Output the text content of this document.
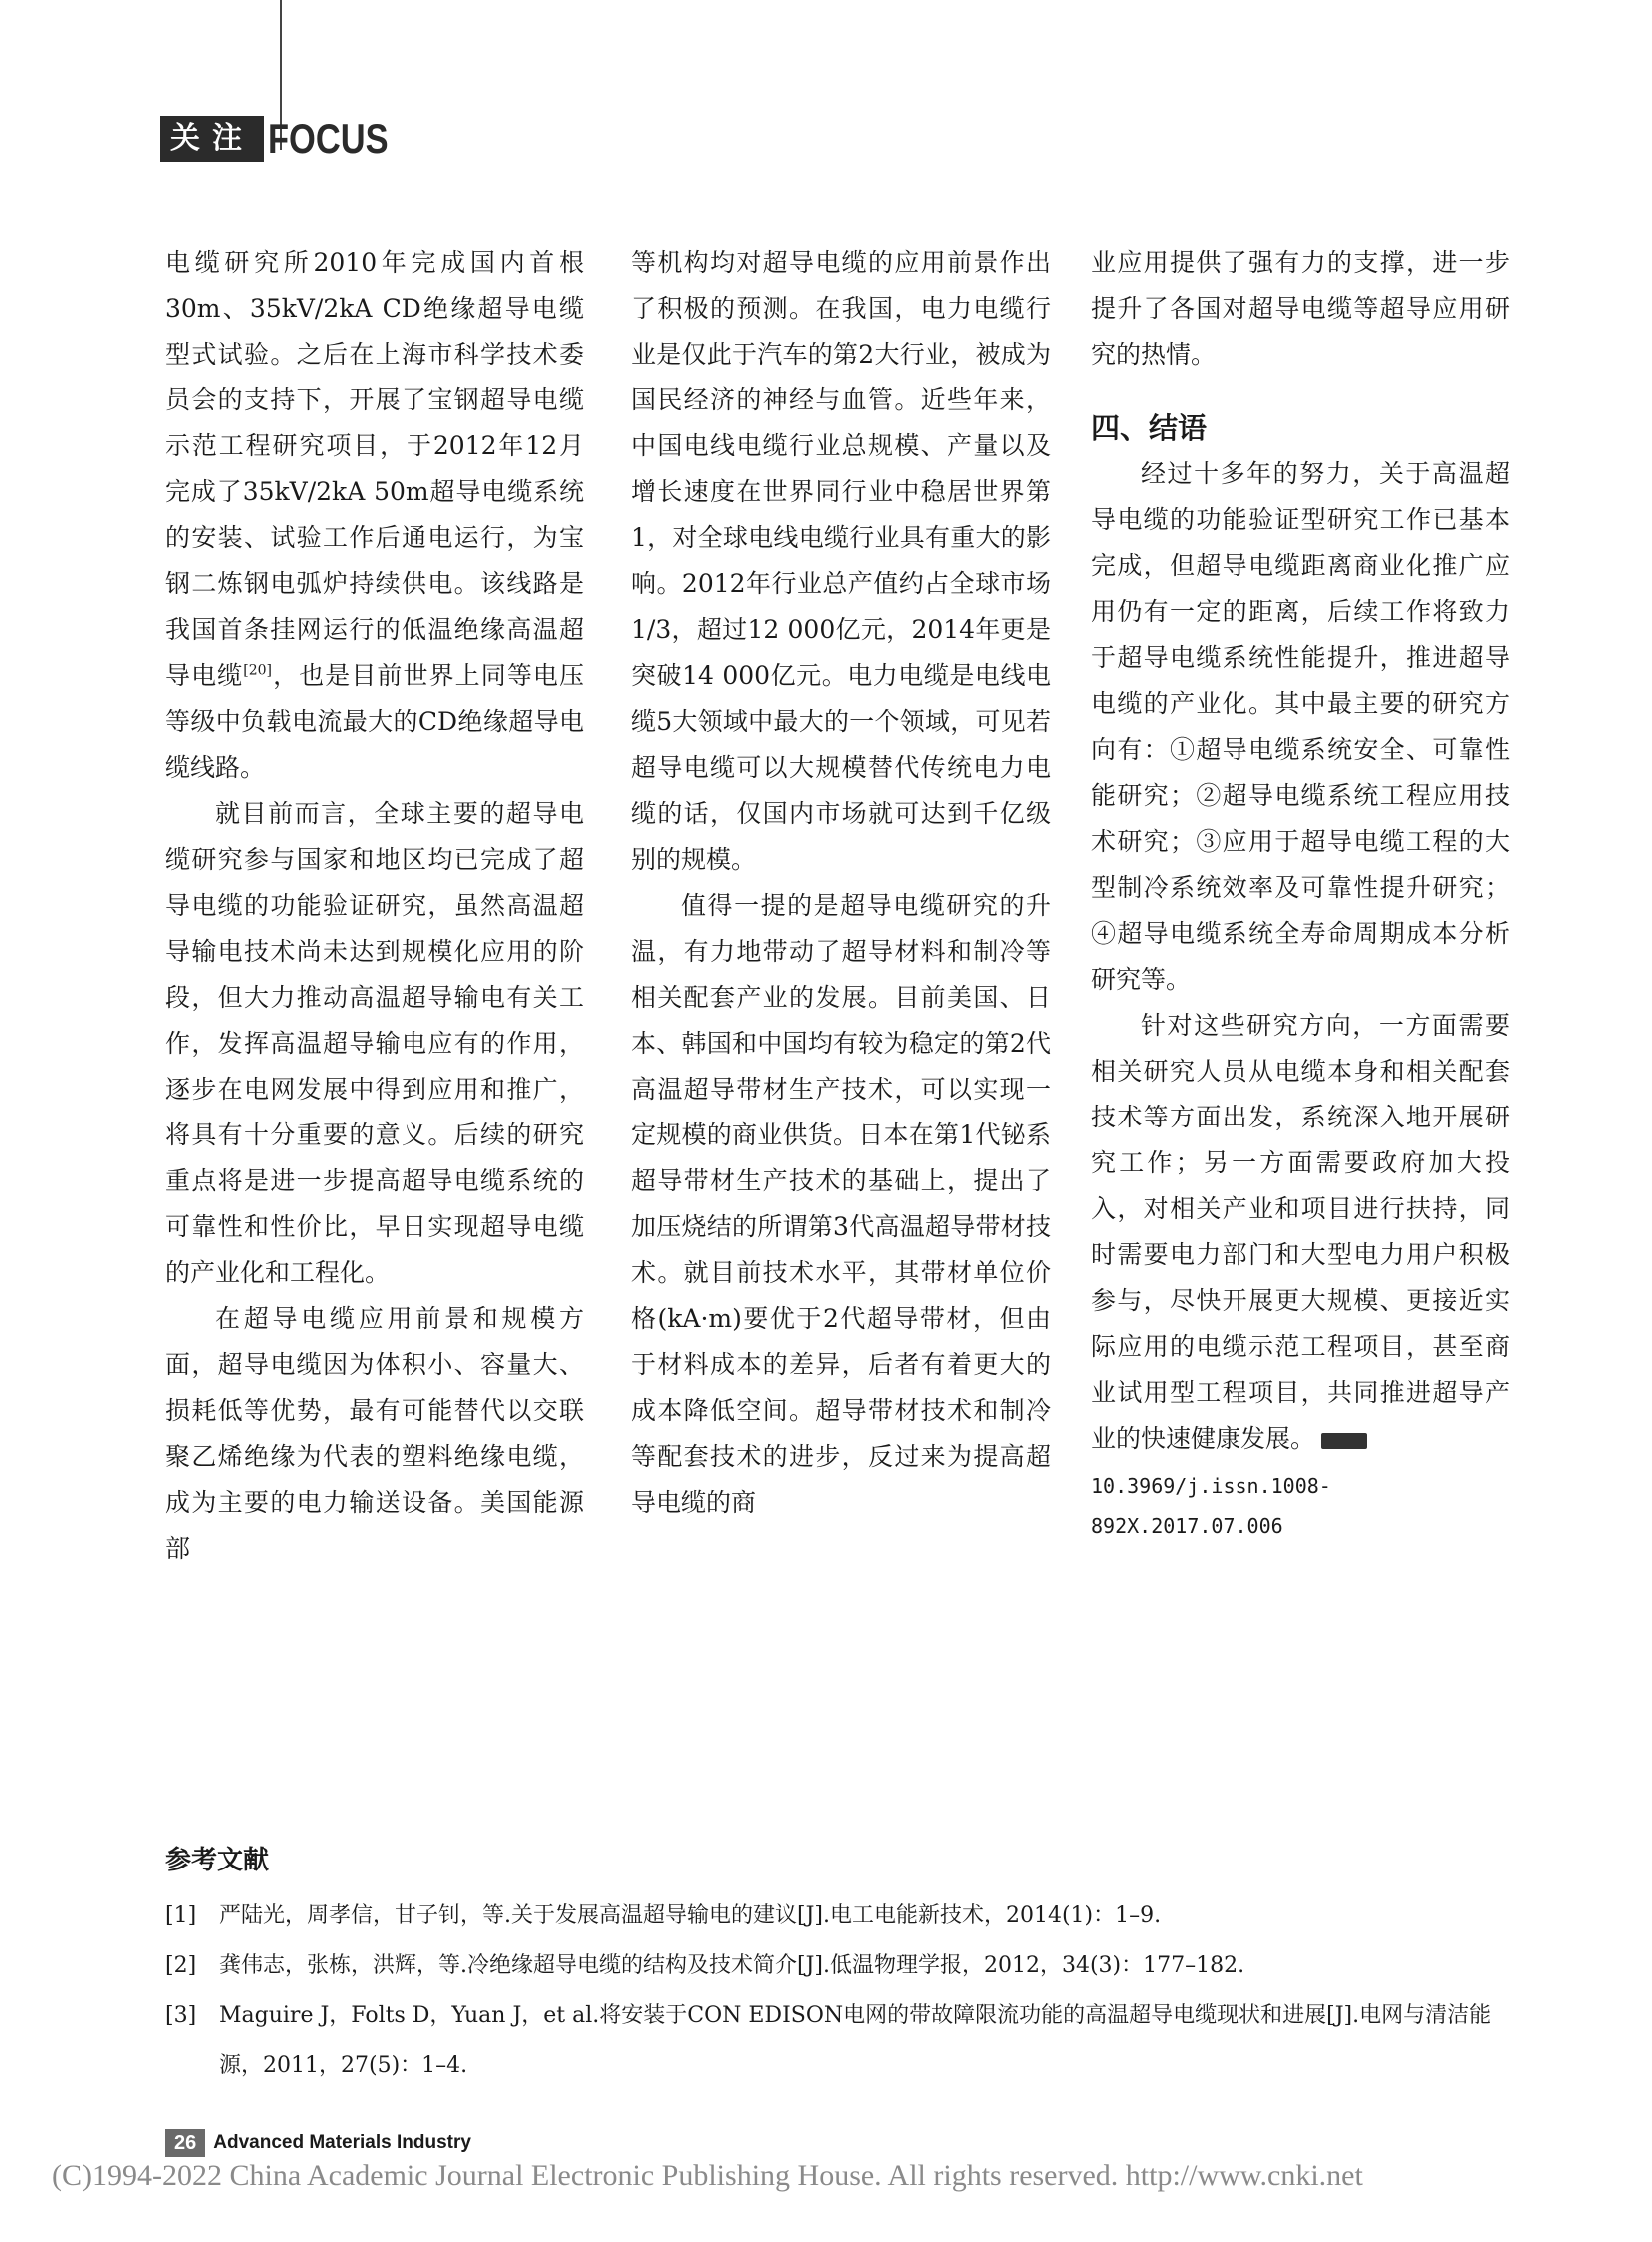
关注 FOCUS

电缆研究所2010年完成国内首根30m、35kV/2kA CD绝缘超导电缆型式试验。之后在上海市科学技术委员会的支持下，开展了宝钢超导电缆示范工程研究项目，于2012年12月完成了35kV/2kA 50m超导电缆系统的安装、试验工作后通电运行，为宝钢二炼钢电弧炉持续供电。该线路是我国首条挂网运行的低温绝缘高温超导电缆[20]，也是目前世界上同等电压等级中负载电流最大的CD绝缘超导电缆线路。

就目前而言，全球主要的超导电缆研究参与国家和地区均已完成了超导电缆的功能验证研究，虽然高温超导输电技术尚未达到规模化应用的阶段，但大力推动高温超导输电有关工作，发挥高温超导输电应有的作用，逐步在电网发展中得到应用和推广，将具有十分重要的意义。后续的研究重点将是进一步提高超导电缆系统的可靠性和性价比，早日实现超导电缆的产业化和工程化。

在超导电缆应用前景和规模方面，超导电缆因为体积小、容量大、损耗低等优势，最有可能替代以交联聚乙烯绝缘为代表的塑料绝缘电缆，成为主要的电力输送设备。美国能源部

等机构均对超导电缆的应用前景作出了积极的预测。在我国，电力电缆行业是仅此于汽车的第2大行业，被成为国民经济的神经与血管。近些年来，中国电线电缆行业总规模、产量以及增长速度在世界同行业中稳居世界第1，对全球电线电缆行业具有重大的影响。2012年行业总产值约占全球市场1/3，超过12 000亿元，2014年更是突破14 000亿元。电力电缆是电线电缆5大领域中最大的一个领域，可见若超导电缆可以大规模替代传统电力电缆的话，仅国内市场就可达到千亿级别的规模。

值得一提的是超导电缆研究的升温，有力地带动了超导材料和制冷等相关配套产业的发展。目前美国、日本、韩国和中国均有较为稳定的第2代高温超导带材生产技术，可以实现一定规模的商业供货。日本在第1代铋系超导带材生产技术的基础上，提出了加压烧结的所谓第3代高温超导带材技术。就目前技术水平，其带材单位价格(kA·m)要优于2代超导带材，但由于材料成本的差异，后者有着更大的成本降低空间。超导带材技术和制冷等配套技术的进步，反过来为提高超导电缆的商

业应用提供了强有力的支撑，进一步提升了各国对超导电缆等超导应用研究的热情。

四、结语

经过十多年的努力，关于高温超导电缆的功能验证型研究工作已基本完成，但超导电缆距离商业化推广应用仍有一定的距离，后续工作将致力于超导电缆系统性能提升，推进超导电缆的产业化。其中最主要的研究方向有：①超导电缆系统安全、可靠性能研究；②超导电缆系统工程应用技术研究；③应用于超导电缆工程的大型制冷系统效率及可靠性提升研究；④超导电缆系统全寿命周期成本分析研究等。

针对这些研究方向，一方面需要相关研究人员从电缆本身和相关配套技术等方面出发，系统深入地开展研究工作；另一方面需要政府加大投入，对相关产业和项目进行扶持，同时需要电力部门和大型电力用户积极参与，尽快开展更大规模、更接近实际应用的电缆示范工程项目，甚至商业试用型工程项目，共同推进超导产业的快速健康发展。

10.3969/j.issn.1008-892X.2017.07.006

参考文献
[1]	严陆光，周孝信，甘子钊，等.关于发展高温超导输电的建议[J].电工电能新技术，2014(1)：1–9.
[2]	龚伟志，张栋，洪辉，等.冷绝缘超导电缆的结构及技术简介[J].低温物理学报，2012，34(3)：177–182.
[3]	Maguire J，Folts D，Yuan J，et al.将安装于CON EDISON电网的带故障限流功能的高温超导电缆现状和进展[J].电网与清洁能源，2011，27(5)：1–4.
26 Advanced Materials Industry
(C)1994-2022 China Academic Journal Electronic Publishing House. All rights reserved. http://www.cnki.net
